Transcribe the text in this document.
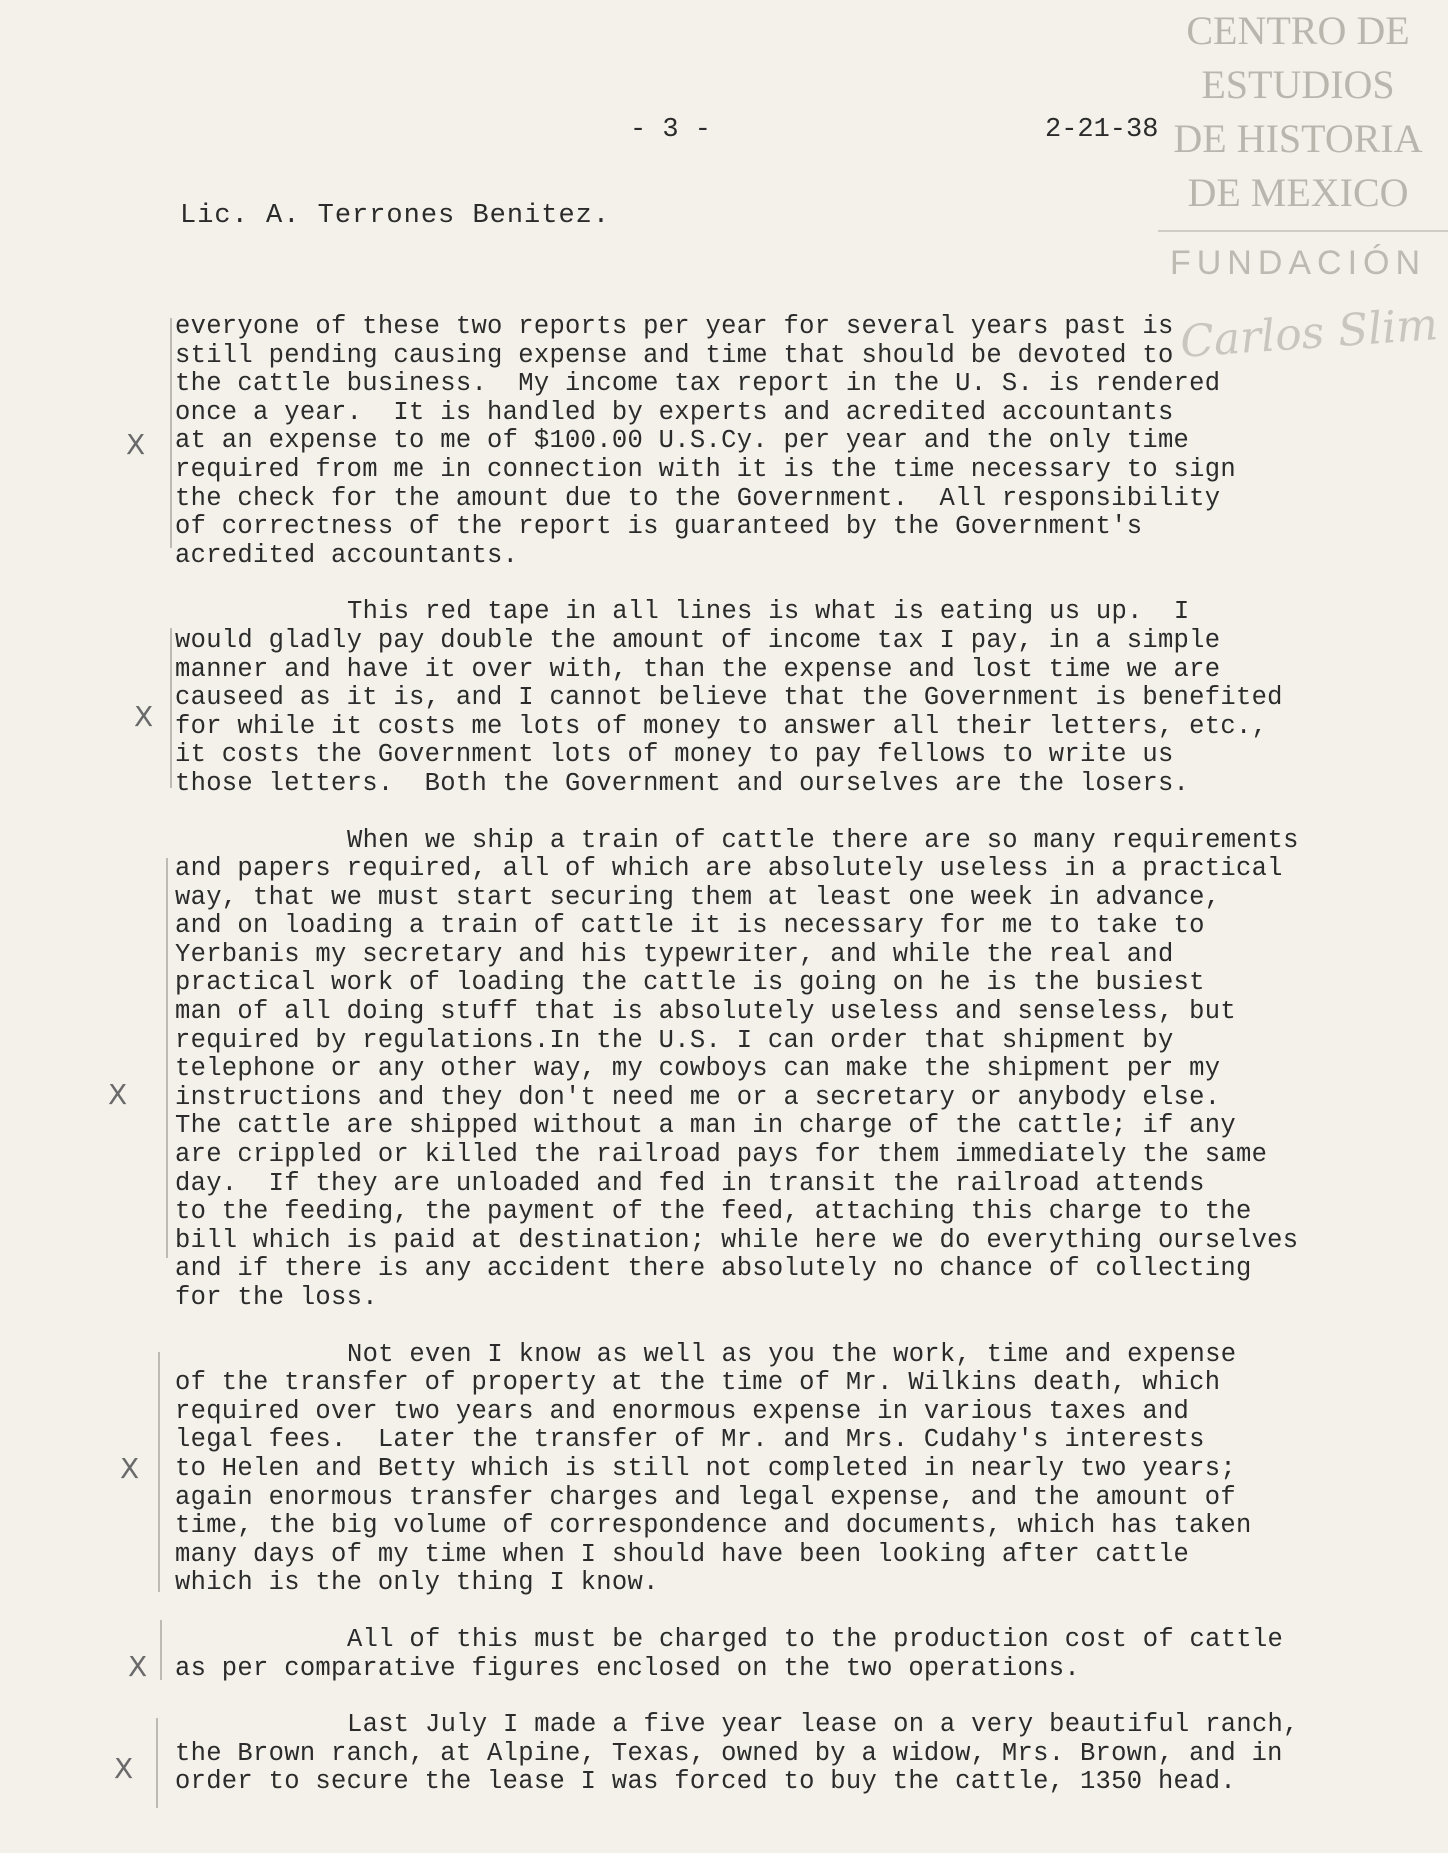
CENTRO DE
ESTUDIOS
DE HISTORIA
DE MEXICO
FUNDACIÓN
Carlos Slim
- 3 -	2-21-38
Lic. A. Terrones Benitez.
X
X
X
X
X
X
everyone of these two reports per year for several years past is
still pending causing expense and time that should be devoted to
the cattle business.  My income tax report in the U. S. is rendered
once a year.  It is handled by experts and acredited accountants
at an expense to me of $100.00 U.S.Cy. per year and the only time
required from me in connection with it is the time necessary to sign
the check for the amount due to the Government.  All responsibility
of correctness of the report is guaranteed by the Government's
acredited accountants.
This red tape in all lines is what is eating us up.  I
would gladly pay double the amount of income tax I pay, in a simple
manner and have it over with, than the expense and lost time we are
causeed as it is, and I cannot believe that the Government is benefited
for while it costs me lots of money to answer all their letters, etc.,
it costs the Government lots of money to pay fellows to write us
those letters.  Both the Government and ourselves are the losers.
When we ship a train of cattle there are so many requirements
and papers required, all of which are absolutely useless in a practical
way, that we must start securing them at least one week in advance,
and on loading a train of cattle it is necessary for me to take to
Yerbanis my secretary and his typewriter, and while the real and
practical work of loading the cattle is going on he is the busiest
man of all doing stuff that is absolutely useless and senseless, but
required by regulations.In the U.S. I can order that shipment by
telephone or any other way, my cowboys can make the shipment per my
instructions and they don't need me or a secretary or anybody else.
The cattle are shipped without a man in charge of the cattle; if any
are crippled or killed the railroad pays for them immediately the same
day.  If they are unloaded and fed in transit the railroad attends
to the feeding, the payment of the feed, attaching this charge to the
bill which is paid at destination; while here we do everything ourselves
and if there is any accident there absolutely no chance of collecting
for the loss.
Not even I know as well as you the work, time and expense
of the transfer of property at the time of Mr. Wilkins death, which
required over two years and enormous expense in various taxes and
legal fees.  Later the transfer of Mr. and Mrs. Cudahy's interests
to Helen and Betty which is still not completed in nearly two years;
again enormous transfer charges and legal expense, and the amount of
time, the big volume of correspondence and documents, which has taken
many days of my time when I should have been looking after cattle
which is the only thing I know.
All of this must be charged to the production cost of cattle
as per comparative figures enclosed on the two operations.
Last July I made a five year lease on a very beautiful ranch,
the Brown ranch, at Alpine, Texas, owned by a widow, Mrs. Brown, and in
order to secure the lease I was forced to buy the cattle, 1350 head.
